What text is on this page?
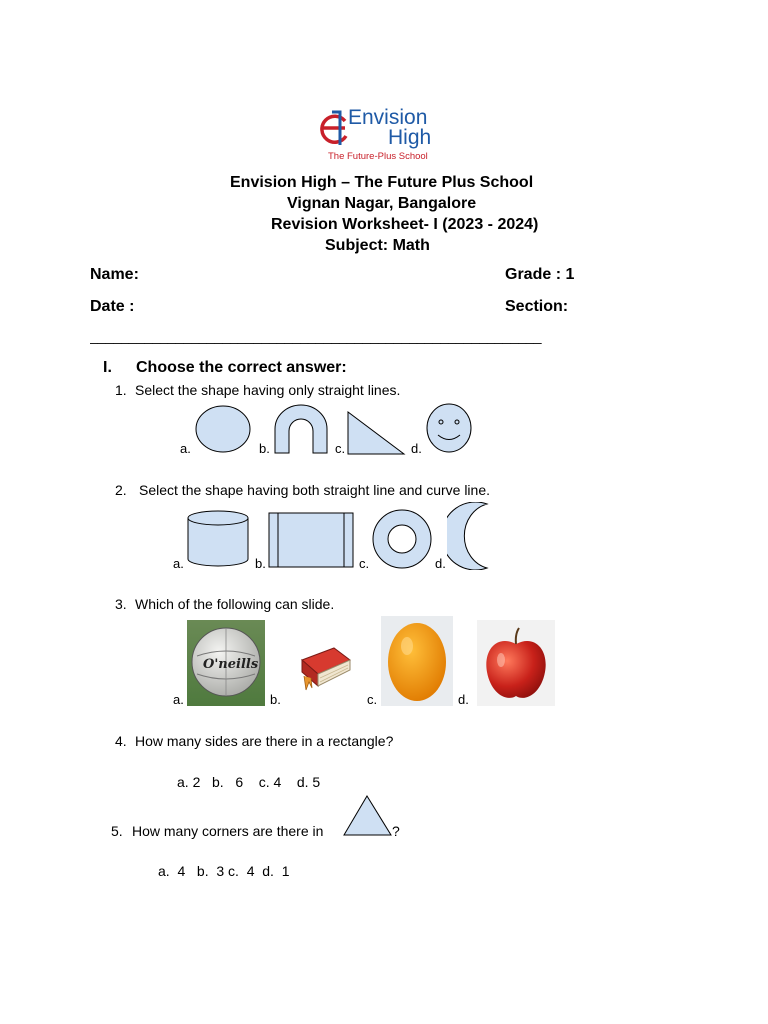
Envision
High
The Future-Plus School
Envision High – The Future Plus School
Vignan Nagar, Bangalore
Revision Worksheet- I (2023 - 2024)
Subject: Math
Name:	Grade : 1
Date :	Section:
__________________________________________________________
I. Choose the correct answer:
1. Select the shape having only straight lines.
a.	b.	c.	d.
2. Select the shape having both straight line and curve line.
a.	b.	c.	d.
3. Which of the following can slide.
a.
O'neills
b.	c.	d.
4. How many sides are there in a rectangle?
a. 2   b.   6    c. 4    d. 5
5. How many corners are there in	?
a.  4   b.  3 c.  4  d.  1
